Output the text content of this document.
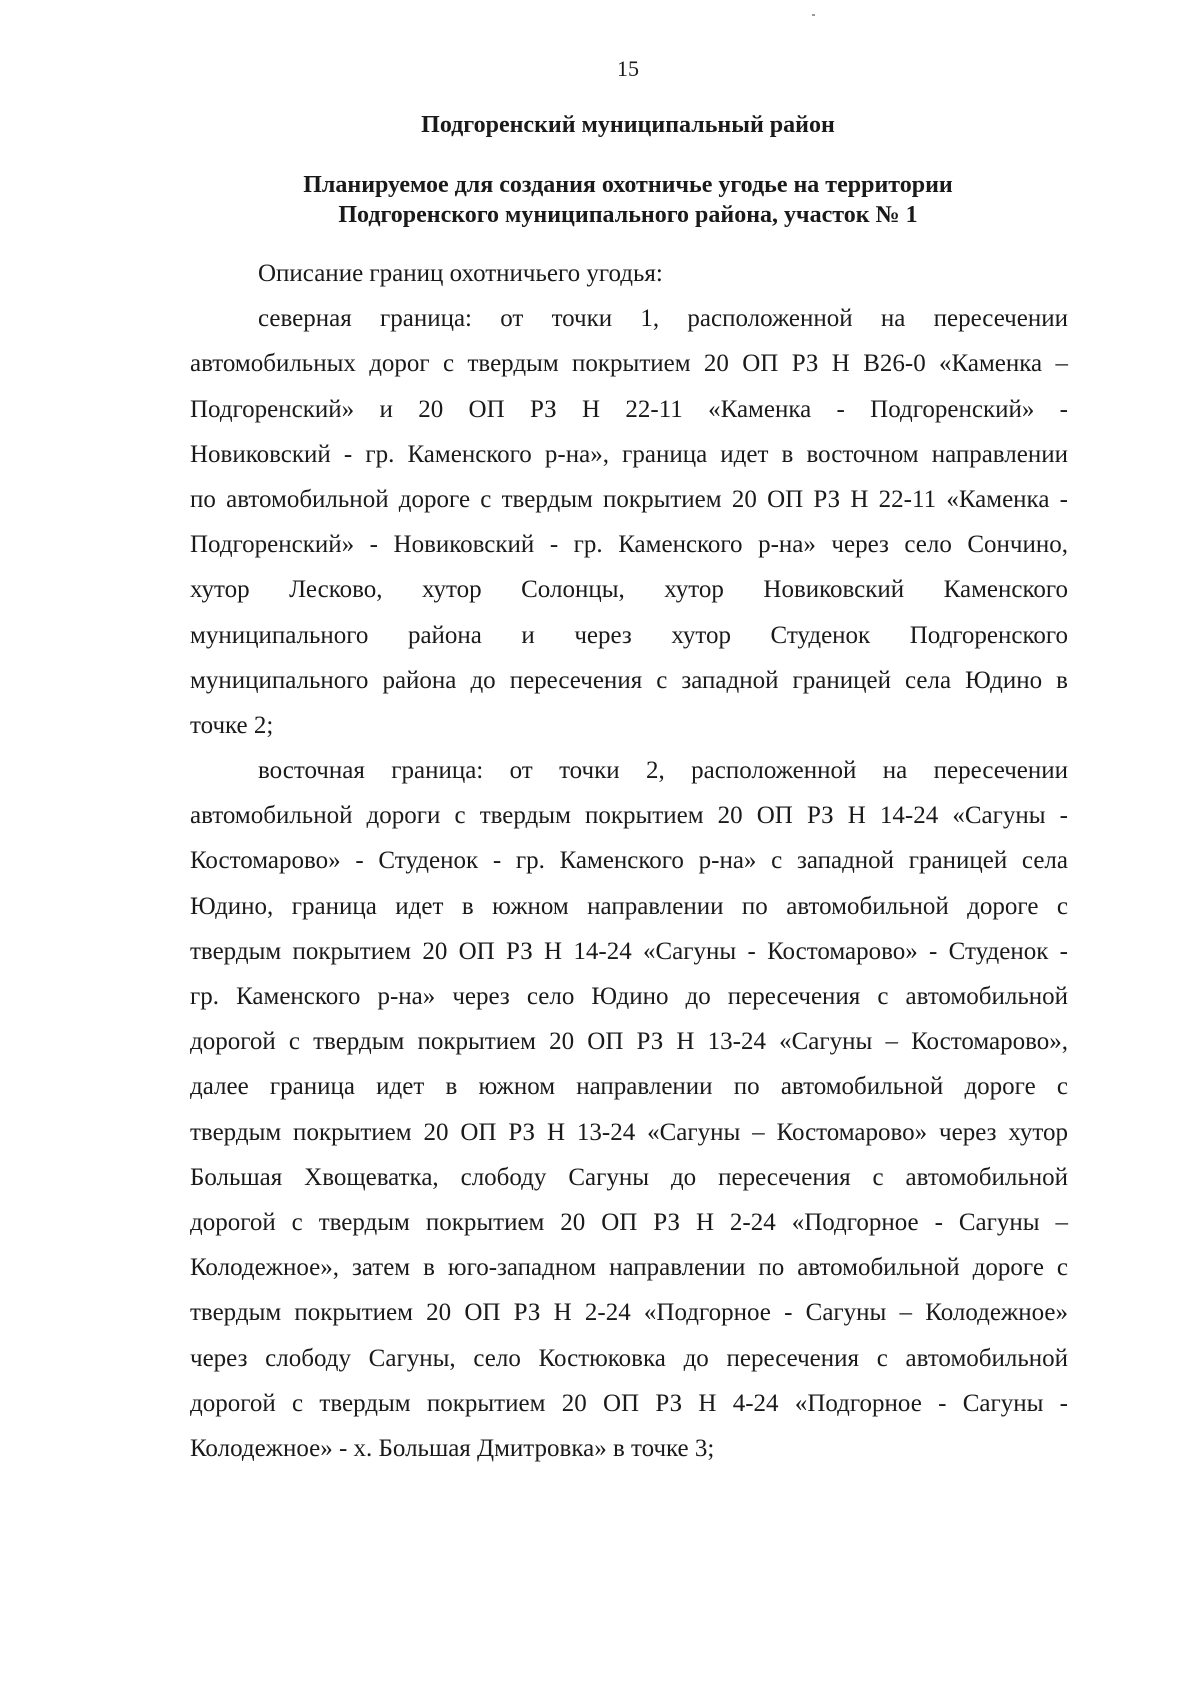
15
Подгоренский муниципальный район
Планируемое для создания охотничье угодье на территории
Подгоренского муниципального района, участок № 1
Описание границ охотничьего угодья:
северная граница: от точки 1, расположенной на пересечении
автомобильных дорог с твердым покрытием 20 ОП РЗ Н В26-0 «Каменка –
Подгоренский» и 20 ОП РЗ Н 22-11 «Каменка - Подгоренский» -
Новиковский - гр. Каменского р-на», граница идет в восточном направлении
по автомобильной дороге с твердым покрытием 20 ОП РЗ Н 22-11 «Каменка -
Подгоренский» - Новиковский - гр. Каменского р-на» через село Сончино,
хутор Лесково, хутор Солонцы, хутор Новиковский Каменского
муниципального района и через хутор Студенок Подгоренского
муниципального района до пересечения с западной границей села Юдино в
точке 2;
восточная граница: от точки 2, расположенной на пересечении
автомобильной дороги с твердым покрытием 20 ОП РЗ Н 14-24 «Сагуны -
Костомарово» - Студенок - гр. Каменского р-на» с западной границей села
Юдино, граница идет в южном направлении по автомобильной дороге с
твердым покрытием 20 ОП РЗ Н 14-24 «Сагуны - Костомарово» - Студенок -
гр. Каменского р-на» через село Юдино до пересечения с автомобильной
дорогой с твердым покрытием 20 ОП РЗ Н 13-24 «Сагуны – Костомарово»,
далее граница идет в южном направлении по автомобильной дороге с
твердым покрытием 20 ОП РЗ Н 13-24 «Сагуны – Костомарово» через хутор
Большая Хвощеватка, слободу Сагуны до пересечения с автомобильной
дорогой с твердым покрытием 20 ОП РЗ Н 2-24 «Подгорное - Сагуны –
Колодежное», затем в юго-западном направлении по автомобильной дороге с
твердым покрытием 20 ОП РЗ Н 2-24 «Подгорное - Сагуны – Колодежное»
через слободу Сагуны, село Костюковка до пересечения с автомобильной
дорогой с твердым покрытием 20 ОП РЗ Н 4-24 «Подгорное - Сагуны -
Колодежное» - х. Большая Дмитровка» в точке 3;
